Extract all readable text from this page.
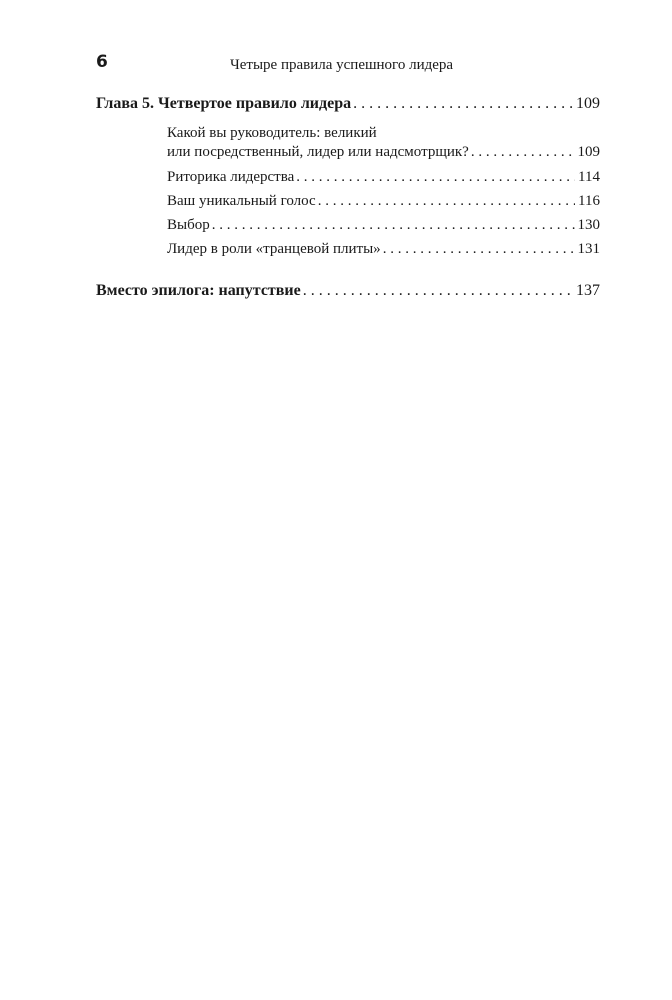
6	Четыре правила успешного лидера
Глава 5. Четвертое правило лидера . . .	109
Какой вы руководитель: великий
или посредственный, лидер или надсмотрщик? . . .	109
Риторика лидерства . . .	114
Ваш уникальный голос . . .	116
Выбор . . .	130
Лидер в роли «транцевой плиты» . . .	131
Вместо эпилога: напутствие . . .	137
